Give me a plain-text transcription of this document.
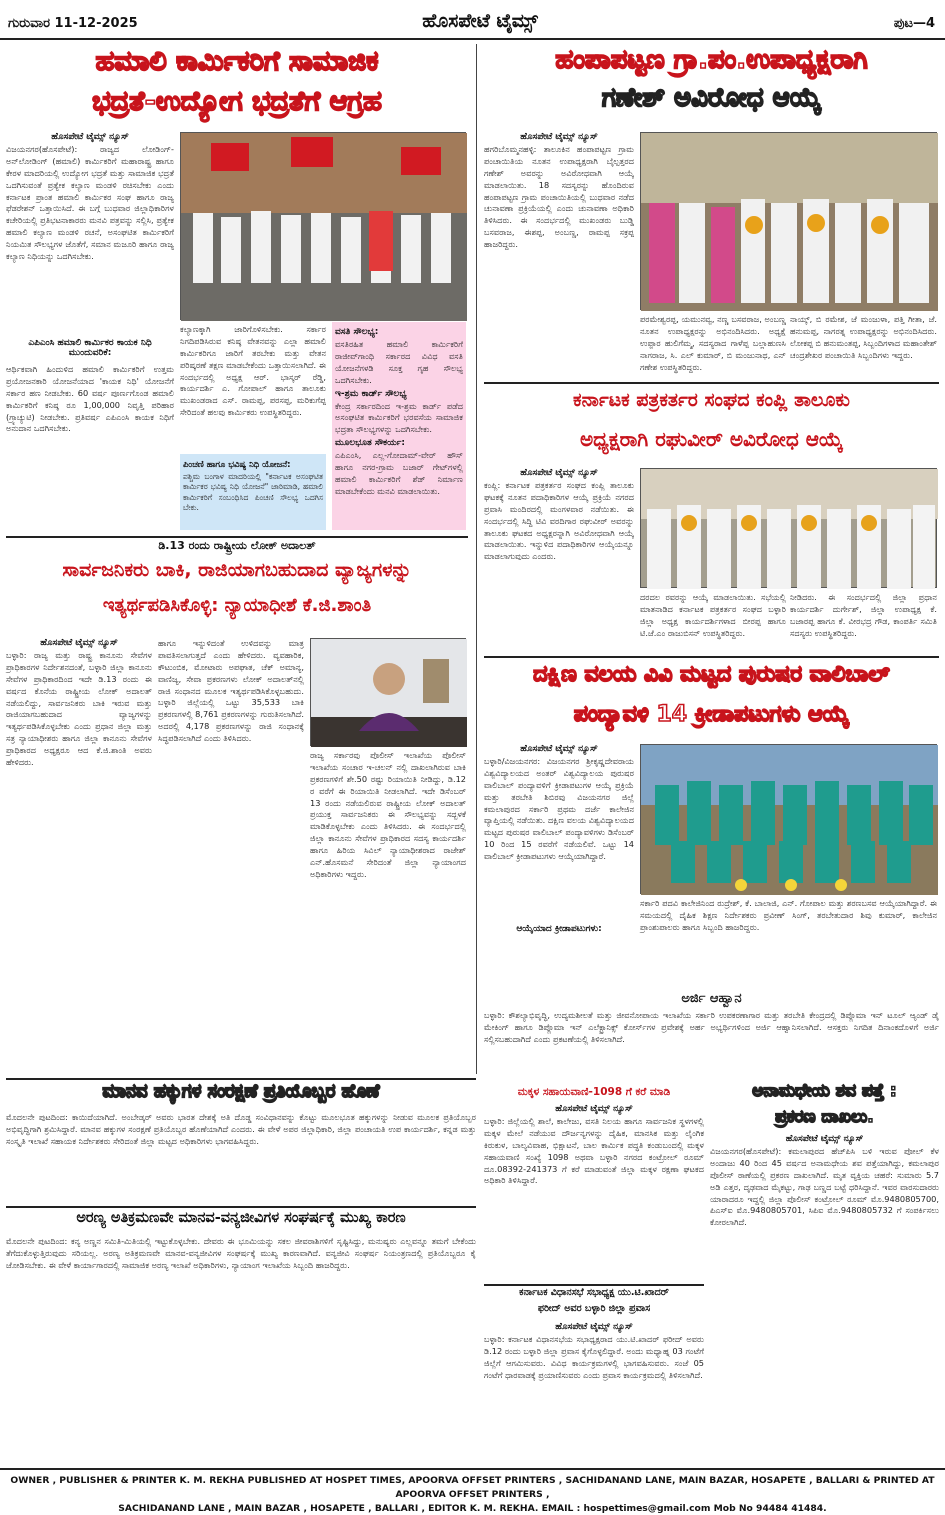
ಗುರುವಾರ 11-12-2025	ಹೊಸಪೇಟೆ ಟೈಮ್ಸ್	ಪುಟ—4
ಹಮಾಲಿ ಕಾರ್ಮಿಕರಿಗೆ ಸಾಮಾಜಿಕ
ಭದ್ರತೆ-ಉದ್ಯೋಗ ಭದ್ರತೆಗೆ ಆಗ್ರಹ
ಹೊಸಪೇಟೆ ಟೈಮ್ಸ್ ನ್ಯೂಸ್
ವಿಜಯನಗರ(ಹೊಸಪೇಟೆ): ರಾಜ್ಯದ ಲೋಡಿಂಗ್-ಅನ್‌ಲೋಡಿಂಗ್ (ಹಮಾಲಿ) ಕಾರ್ಮಿಕರಿಗೆ ಮಹಾರಾಷ್ಟ್ರ ಹಾಗೂ ಕೇರಳ ಮಾದರಿಯಲ್ಲಿ ಉದ್ಯೋಗ ಭದ್ರತೆ ಮತ್ತು ಸಾಮಾಜಿಕ ಭದ್ರತೆ ಒದಗಿಸುವಂತೆ ಪ್ರತ್ಯೇಕ ಕಲ್ಯಾಣ ಮಂಡಳಿ ರಚಿಸಬೇಕು ಎಂದು ಕರ್ನಾಟಕ ಪ್ರಾಂತ ಹಮಾಲಿ ಕಾರ್ಮಿಕರ ಸಂಘ ಹಾಗೂ ರಾಜ್ಯ ಫೆಡರೇಶನ್ ಒತ್ತಾಯಿಸಿದೆ. ಈ ಬಗ್ಗೆ ಬುಧವಾರ ಜಿಲ್ಲಾಧಿಕಾರಿಗಳ ಕಚೇರಿಯಲ್ಲಿ ಪ್ರತಿಭಟನಾಕಾರರು ಮನವಿ ಪತ್ರವನ್ನು ಸಲ್ಲಿಸಿ, ಪ್ರತ್ಯೇಕ ಹಮಾಲಿ ಕಲ್ಯಾಣ ಮಂಡಳಿ ರಚನೆ, ಅಸಂಘಟಿತ ಕಾರ್ಮಿಕರಿಗೆ ನಿಯಮಿತ ಸೌಲಭ್ಯಗಳ ಜೊತೆಗೆ, ಸಮಾನ ಮಜೂರಿ ಹಾಗೂ ರಾಜ್ಯ ಕಲ್ಯಾಣ ನಿಧಿಯನ್ನು ಒದಗಿಸಬೇಕು.
ಎಪಿಎಂಸಿ ಹಮಾಲಿ ಕಾರ್ಮಿಕರ ಕಾಯಕ ನಿಧಿ ಮುಂದುವರಿಕೆ:
ಆರ್ಥಿಕವಾಗಿ ಹಿಂದುಳಿದ ಹಮಾಲಿ ಕಾರ್ಮಿಕರಿಗೆ ಉತ್ತಮ ಪ್ರಯೋಜನಕಾರಿ ಯೋಜನೆಯಾದ 'ಕಾಯಕ ನಿಧಿ' ಯೋಜನೆಗೆ ಸರ್ಕಾರ ಹಣ ನೀಡಬೇಕು. 60 ವರ್ಷ ಪೂರ್ಣಗೊಂಡ ಹಮಾಲಿ ಕಾರ್ಮಿಕರಿಗೆ ಕನಿಷ್ಠ ರೂ 1,00,000 ನಿವೃತ್ತಿ ಪರಿಹಾರ (ಗ್ರ್ಯಾಚ್ಯುಟಿ) ನೀಡಬೇಕು. ಪ್ರತಿವರ್ಷ ಎಪಿಎಂಸಿ ಕಾಯಕ ನಿಧಿಗೆ ಅನುದಾನ ಒದಗಿಸಬೇಕು.
ಕಲ್ಯಾಣಕ್ಕಾಗಿ ಜಾರಿಗೊಳಿಸಬೇಕು. ಸರ್ಕಾರ ನಿಗದಿಪಡಿಸಿರುವ ಕನಿಷ್ಠ ವೇತನವನ್ನು ಎಲ್ಲಾ ಹಮಾಲಿ ಕಾರ್ಮಿಕರಿಗೂ ಜಾರಿಗೆ ತರಬೇಕು ಮತ್ತು ವೇತನ ಪರಿಷ್ಕರಣೆ ತಕ್ಷಣ ಮಾಡಬೇಕೆಂದು ಒತ್ತಾಯಿಸಲಾಗಿದೆ. ಈ ಸಂದರ್ಭದಲ್ಲಿ ಅಧ್ಯಕ್ಷ ಆರ್. ಭಾಸ್ಕರ್ ರೆಡ್ಡಿ, ಕಾರ್ಯದರ್ಶಿ ಎ. ಗೋಪಾಲ್ ಹಾಗೂ ತಾಲೂಕು ಮುಖಂಡರಾದ ಎಸ್. ರಾಮಪ್ಪ, ಪರಸಪ್ಪ, ಮರಿಕುಗೆಪ್ಪ ಸೇರಿದಂತೆ ಹಲವು ಕಾರ್ಮಿಕರು ಉಪಸ್ಥಿತರಿದ್ದರು.
ವಸತಿ ಸೌಲಭ್ಯ:
ವಸತಿರಹಿತ ಹಮಾಲಿ ಕಾರ್ಮಿಕರಿಗೆ ರಾಜೀವ್‌ಗಾಂಧಿ ಸರ್ಕಾರದ ವಿವಿಧ ವಸತಿ ಯೋಜನೆಗಳಡಿ ಸೂಕ್ತ ಗೃಹ ಸೌಲಭ್ಯ ಒದಗಿಸಬೇಕು.
ಇ-ಶ್ರಮ ಕಾರ್ಡ್ ಸೌಲಭ್ಯ
ಕೇಂದ್ರ ಸರ್ಕಾರದಿಂದ ಇ-ಶ್ರಮ ಕಾರ್ಡ್ ಪಡೆದ ಅಸಂಘಟಿತ ಕಾರ್ಮಿಕರಿಗೆ ಭರವಸೆಯ ಸಾಮಾಜಿಕ ಭದ್ರತಾ ಸೌಲಭ್ಯಗಳನ್ನು ಒದಗಿಸಬೇಕು.
ಮೂಲಭೂತ ಸೌಕರ್ಯ:
ಎಪಿಎಂಸಿ, ಎಲ್ಲ-ಗೋದಾಮ್-ವೇರ್ ಹೌಸ್ ಹಾಗೂ ನಗರ-ಗ್ರಾಮ ಬಜಾರ್ ಗೇಟ್‌ಗಳಲ್ಲಿ ಹಮಾಲಿ ಕಾರ್ಮಿಕರಿಗೆ ಶೆಡ್ ನಿರ್ಮಾಣ ಮಾಡಬೇಕೆಂದು ಮನವಿ ಮಾಡಲಾಯಿತು.
ಪಿಂಚಣಿ ಹಾಗೂ ಭವಿಷ್ಯ ನಿಧಿ ಯೋಜನೆ:
ಪಶ್ಚಿಮ ಬಂಗಾಳ ಮಾದರಿಯಲ್ಲಿ "ಕರ್ನಾಟಕ ಅಸಂಘಟಿತ ಕಾರ್ಮಿಕರ ಭವಿಷ್ಯ ನಿಧಿ ಯೋಜನೆ" ಜಾರಿಮಾಡಿ, ಹಮಾಲಿ ಕಾರ್ಮಿಕರಿಗೆ ಸಂಬಂಧಿಸಿದ ಪಿಂಚಣಿ ಸೌಲಭ್ಯ ಒದಗಿಸ ಬೇಕು.
ಹಂಪಾಪಟ್ಟಣ ಗ್ರಾ.ಪಂ.ಉಪಾಧ್ಯಕ್ಷರಾಗಿ
ಗಣೇಶ್ ಅವಿರೋಧ ಆಯ್ಕೆ
ಹೊಸಪೇಟೆ ಟೈಮ್ಸ್ ನ್ಯೂಸ್
ಹಗರಿಬೊಮ್ಮನಹಳ್ಳಿ: ತಾಲೂಕಿನ ಹಂಪಾಪಟ್ಟಣ ಗ್ರಾಮ ಪಂಚಾಯಿತಿಯ ನೂತನ ಉಪಾಧ್ಯಕ್ಷರಾಗಿ ಬೈಲ್ಪತ್ತರದ ಗಣೇಶ್ ಅವರನ್ನು ಅವಿರೋಧವಾಗಿ ಆಯ್ಕೆ ಮಾಡಲಾಯಿತು. 18 ಸದಸ್ಯರನ್ನು ಹೊಂದಿರುವ ಹಂಪಾಪಟ್ಟಣ ಗ್ರಾಮ ಪಂಚಾಯಿತಿಯಲ್ಲಿ ಬುಧವಾರ ನಡೆದ ಚುನಾವಣಾ ಪ್ರಕ್ರಿಯೆಯಲ್ಲಿ ಎಂದು ಚುನಾವಣಾ ಅಧಿಕಾರಿ ತಿಳಿಸಿದರು. ಈ ಸಂದರ್ಭದಲ್ಲಿ ಮುಖಂಡರು ಬುಡ್ಡಿ ಬಸವರಾಜ, ಈಶಪ್ಪ, ಅಂಬಣ್ಣ, ರಾಮಪ್ಪ ಸಕ್ರಪ್ಪ ಹಾಜರಿದ್ದರು.
ಪರಮೇಶ್ವರಪ್ಪ, ಯಮುನವ್ವ, ನಣ್ಣ ಬಸವರಾಜ, ಅಂಬಣ್ಣ ನೂತನ ಉಪಾಧ್ಯಕ್ಷರನ್ನು ಅಭಿನಂದಿಸಿದರು. ಅಧ್ಯಕ್ಷೆ ಉಪ್ಪಾರ ಹುಲಿಗೆಮ್ಮ, ಸದಸ್ಯರಾದ ಗಾಳೆಪ್ಪ ಬಲ್ಲಾಹುಣಸಿ ನಾಗರಾಜ, ಸಿ. ಎಲ್ ಕುಮಾರ್, ಬಿ ಮಂಜುನಾಥ, ಎನ್ ಗಣೇಶ ಉಪಸ್ಥಿತರಿದ್ದರು.
ನಾಯ್ಕ್, ಬಿ ರಮೇಶ, ಜೆ ಮಂಜುಳಾ, ಪತ್ತಿ ಗೀತಾ, ಜೆ. ಹನುಮಪ್ಪ, ನಾಗರತ್ನ ಉಪಾಧ್ಯಕ್ಷರನ್ನು ಅಭಿನಂದಿಸಿದರು. ಲೋಕಪ್ಪ ಬಿ ಹನುಮಂತಪ್ಪ, ಸಿಬ್ಬಂದಿಗಳಾದ ಮಹಾಂತೇಶ್ ಚಂದ್ರಶೇಖರ ಪಂಚಾಯಿತಿ ಸಿಬ್ಬಂದಿಗಳು ಇದ್ದರು.
ಕರ್ನಾಟಕ ಪತ್ರಕರ್ತರ ಸಂಘದ ಕಂಪ್ಲಿ ತಾಲೂಕು
ಅಧ್ಯಕ್ಷರಾಗಿ ರಘುವೀರ್ ಅವಿರೋಧ ಆಯ್ಕೆ
ಹೊಸಪೇಟೆ ಟೈಮ್ಸ್ ನ್ಯೂಸ್
ಕಂಪ್ಲಿ: ಕರ್ನಾಟಕ ಪತ್ರಕರ್ತರ ಸಂಘದ ಕಂಪ್ಲಿ ತಾಲೂಕು ಘಟಕಕ್ಕೆ ನೂತನ ಪದಾಧಿಕಾರಿಗಳ ಆಯ್ಕೆ ಪ್ರಕ್ರಿಯೆ ನಗರದ ಪ್ರವಾಸಿ ಮಂದಿರದಲ್ಲಿ ಮಂಗಳವಾರ ನಡೆಯಿತು. ಈ ಸಂದರ್ಭದಲ್ಲಿ ಸಿದ್ದಿ ಟಿವಿ ವರದಿಗಾರ ರಘುವೀರ್ ಅವರನ್ನು ತಾಲೂಕು ಘಟಕದ ಅಧ್ಯಕ್ಷರನ್ನಾಗಿ ಅವಿರೋಧವಾಗಿ ಆಯ್ಕೆ ಮಾಡಲಾಯಿತು. ಇನ್ನುಳಿದ ಪದಾಧಿಕಾರಿಗಳ ಆಯ್ಕೆಯನ್ನೂ ಮಾಡಲಾಗುವುದು ಎಂದರು.
ದರದಲ ರವರನ್ನು ಆಯ್ಕೆ ಮಾಡಲಾಯಿತು. ಸಭೆಯಲ್ಲಿ ಮಾತನಾಡಿದ ಕರ್ನಾಟಕ ಪತ್ರಕರ್ತರ ಸಂಘದ ಬಳ್ಳಾರಿ ಜಿಲ್ಲಾ ಅಧ್ಯಕ್ಷ ಕಾರ್ಯದರ್ಶಿಗಳಾದ ಬೀರಪ್ಪ ಹಾಗೂ ಟಿ.ಜೆ.ಎಂ ರಾಜುಬಿಸನ್ ಉಪಸ್ಥಿತರಿದ್ದರು.
ನೀಡಿದರು. ಈ ಸಂದರ್ಭದಲ್ಲಿ ಜಿಲ್ಲಾ ಪ್ರಧಾನ ಕಾರ್ಯದರ್ಶಿ ದುರ್ಗೇಶ್, ಜಿಲ್ಲಾ ಉಪಾಧ್ಯಕ್ಷ ಕೆ. ಬಜಾರಪ್ಪ ಹಾಗೂ ಕೆ. ವೀರಭದ್ರ ಗೌಡ, ಕಾಂಪರ್ತಿ ಸಮಿತಿ ಸದಸ್ಯರು ಉಪಸ್ಥಿತರಿದ್ದರು.
ದಕ್ಷಿಣ ವಲಯ ವಿವಿ ಮಟ್ಟದ ಪುರುಷರ ವಾಲಿಬಾಲ್
ಪಂದ್ಯಾವಳಿ 14 ಕ್ರೀಡಾಪಟುಗಳು ಆಯ್ಕೆ
ಹೊಸಪೇಟೆ ಟೈಮ್ಸ್ ನ್ಯೂಸ್
ಬಳ್ಳಾರಿ/ವಿಜಯನಗರ: ವಿಜಯನಗರ ಶ್ರೀಕೃಷ್ಣದೇವರಾಯ ವಿಶ್ವವಿದ್ಯಾಲಯದ ಅಂತರ್ ವಿಶ್ವವಿದ್ಯಾಲಯ ಪುರುಷರ ವಾಲಿಬಾಲ್ ಪಂದ್ಯಾವಳಿಗೆ ಕ್ರೀಡಾಪಟುಗಳ ಆಯ್ಕೆ ಪ್ರಕ್ರಿಯೆ ಮತ್ತು ತರಬೇತಿ ಶಿಬಿರವು ವಿಜಯನಗರ ಜಿಲ್ಲೆ ಕಮಲಾಪುರದ ಸರ್ಕಾರಿ ಪ್ರಥಮ ದರ್ಜೆ ಕಾಲೇಜಿನ ವ್ಯಾಪ್ತಿಯಲ್ಲಿ ನಡೆಯಿತು. ದಕ್ಷಿಣ ವಲಯ ವಿಶ್ವವಿದ್ಯಾಲಯದ ಮಟ್ಟದ ಪುರುಷರ ವಾಲಿಬಾಲ್ ಪಂದ್ಯಾವಳಿಗಳು ಡಿಸೆಂಬರ್ 10 ರಿಂದ 15 ರವರೆಗೆ ನಡೆಯಲಿವೆ. ಒಟ್ಟು 14 ವಾಲಿಬಾಲ್ ಕ್ರೀಡಾಪಟುಗಳು ಆಯ್ಕೆಯಾಗಿದ್ದಾರೆ.
ಆಯ್ಕೆಯಾದ ಕ್ರೀಡಾಪಟುಗಳು:
ಸರ್ಕಾರಿ ಪದವಿ ಕಾಲೇಜಿನಿಂದ ರುದ್ರೇಶ್, ಕೆ. ಬಾಲಾಜಿ, ಎನ್. ಗೋಪಾಲ ಮತ್ತು ಶರಣಬಸವ ಆಯ್ಕೆಯಾಗಿದ್ದಾರೆ. ಈ ಸಮಯದಲ್ಲಿ ದೈಹಿಕ ಶಿಕ್ಷಣ ನಿರ್ದೇಶಕರು ಪ್ರವೀಣ್ ಸಿಂಗ್, ತರಬೇತುದಾರ ಶಿವು ಕುಮಾರ್, ಕಾಲೇಜಿನ ಪ್ರಾಂಶುಪಾಲರು ಹಾಗೂ ಸಿಬ್ಬಂದಿ ಹಾಜರಿದ್ದರು.
ಅರ್ಜಿ ಆಹ್ವಾನ
ಬಳ್ಳಾರಿ: ಕೌಶಲ್ಯಾಭಿವೃದ್ಧಿ, ಉದ್ಯಮಶೀಲತೆ ಮತ್ತು ಜೀವನೋಪಾಯ ಇಲಾಖೆಯ ಸರ್ಕಾರಿ ಉಪಕರಣಾಗಾರ ಮತ್ತು ತರಬೇತಿ ಕೇಂದ್ರದಲ್ಲಿ ಡಿಪ್ಲೊಮಾ ಇನ್ ಟೂಲ್ ಆ್ಯಂಡ್ ಡೈ ಮೇಕಿಂಗ್ ಹಾಗೂ ಡಿಪ್ಲೊಮಾ ಇನ್ ಎಲೆಕ್ಟ್ರಾನಿಕ್ಸ್ ಕೋರ್ಸ್‌ಗಳ ಪ್ರವೇಶಕ್ಕೆ ಅರ್ಹ ಅಭ್ಯರ್ಥಿಗಳಿಂದ ಅರ್ಜಿ ಆಹ್ವಾನಿಸಲಾಗಿದೆ. ಆಸಕ್ತರು ನಿಗದಿತ ದಿನಾಂಕದೊಳಗೆ ಅರ್ಜಿ ಸಲ್ಲಿಸಬಹುದಾಗಿದೆ ಎಂದು ಪ್ರಕಟಣೆಯಲ್ಲಿ ತಿಳಿಸಲಾಗಿದೆ.
ಡಿ.13 ರಂದು ರಾಷ್ಟ್ರೀಯ ಲೋಕ್ ಅದಾಲತ್
ಸಾರ್ವಜನಿಕರು ಬಾಕಿ, ರಾಜಿಯಾಗಬಹುದಾದ ವ್ಯಾಜ್ಯಗಳನ್ನು
ಇತ್ಯರ್ಥಪಡಿಸಿಕೊಳ್ಳಿ: ನ್ಯಾಯಾಧೀಶೆ ಕೆ.ಜಿ.ಶಾಂತಿ
ಹೊಸಪೇಟೆ ಟೈಮ್ಸ್ ನ್ಯೂಸ್
ಬಳ್ಳಾರಿ: ರಾಜ್ಯ ಮತ್ತು ರಾಷ್ಟ್ರ ಕಾನೂನು ಸೇವೆಗಳ ಪ್ರಾಧಿಕಾರಗಳ ನಿರ್ದೇಶನದಂತೆ, ಬಳ್ಳಾರಿ ಜಿಲ್ಲಾ ಕಾನೂನು ಸೇವೆಗಳ ಪ್ರಾಧಿಕಾರದಿಂದ ಇದೇ ಡಿ.13 ರಂದು ಈ ವರ್ಷದ ಕೊನೆಯ ರಾಷ್ಟ್ರೀಯ ಲೋಕ್ ಅದಾಲತ್ ನಡೆಯಲಿದ್ದು, ಸಾರ್ವಜನಿಕರು ಬಾಕಿ ಇರುವ ಮತ್ತು ರಾಜಿಯಾಗಬಹುದಾದ ವ್ಯಾಜ್ಯಗಳನ್ನು ಇತ್ಯರ್ಥಪಡಿಸಿಕೊಳ್ಳಬೇಕು ಎಂದು ಪ್ರಧಾನ ಜಿಲ್ಲಾ ಮತ್ತು ಸತ್ರ ನ್ಯಾಯಾಧೀಶರು ಹಾಗೂ ಜಿಲ್ಲಾ ಕಾನೂನು ಸೇವೆಗಳ ಪ್ರಾಧಿಕಾರದ ಅಧ್ಯಕ್ಷರೂ ಆದ ಕೆ.ಜಿ.ಶಾಂತಿ ಅವರು ಹೇಳಿದರು.
ಹಾಗೂ ಇನ್ನುಳಿದಂತೆ ಉಳಿದವನ್ನು ಮಾತ್ರ ಪಾವತಿಸಲಾಗುತ್ತದೆ ಎಂದು ಹೇಳಿದರು. ವ್ಯವಹಾರಿಕ, ಕೌಟುಂಬಿಕ, ಮೋಟಾರು ಅಪಘಾತ, ಚೆಕ್ ಅಮಾನ್ಯ, ವಾಣಿಜ್ಯ, ಸೇವಾ ಪ್ರಕರಣಗಳು ಲೋಕ್ ಅದಾಲತ್‌ನಲ್ಲಿ ರಾಜಿ ಸಂಧಾನದ ಮೂಲಕ ಇತ್ಯರ್ಥಪಡಿಸಿಕೊಳ್ಳಬಹುದು. ಬಳ್ಳಾರಿ ಜಿಲ್ಲೆಯಲ್ಲಿ ಒಟ್ಟು 35,533 ಬಾಕಿ ಪ್ರಕರಣಗಳಲ್ಲಿ 8,761 ಪ್ರಕರಣಗಳನ್ನು ಗುರುತಿಸಲಾಗಿದೆ. ಅದರಲ್ಲಿ 4,178 ಪ್ರಕರಣಗಳನ್ನು ರಾಜಿ ಸಂಧಾನಕ್ಕೆ ಸಿದ್ಧಪಡಿಸಲಾಗಿದೆ ಎಂದು ತಿಳಿಸಿದರು.
ರಾಜ್ಯ ಸರ್ಕಾರವು ಪೊಲೀಸ್ ಇಲಾಖೆಯ ಪೊಲೀಸ್ ಇಲಾಖೆಯ ಸಂಚಾರ ಇ-ಚಲನ್ ನಲ್ಲಿ ದಾಖಲಾಗಿರುವ ಬಾಕಿ ಪ್ರಕರಣಗಳಿಗೆ ಶೇ.50 ರಷ್ಟು ರಿಯಾಯಿತಿ ನೀಡಿದ್ದು, ಡಿ.12 ರ ವರೆಗೆ ಈ ರಿಯಾಯಿತಿ ನೀಡಲಾಗಿದೆ. ಇದೇ ಡಿಸೆಂಬರ್ 13 ರಂದು ನಡೆಯಲಿರುವ ರಾಷ್ಟ್ರೀಯ ಲೋಕ್ ಅದಾಲತ್ ಪ್ರಯುಕ್ತ ಸಾರ್ವಜನಿಕರು ಈ ಸೌಲಭ್ಯವನ್ನು ಸದ್ಬಳಕೆ ಮಾಡಿಕೊಳ್ಳಬೇಕು ಎಂದು ತಿಳಿಸಿದರು. ಈ ಸಂದರ್ಭದಲ್ಲಿ ಜಿಲ್ಲಾ ಕಾನೂನು ಸೇವೆಗಳ ಪ್ರಾಧಿಕಾರದ ಸದಸ್ಯ ಕಾರ್ಯದರ್ಶಿ ಹಾಗೂ ಹಿರಿಯ ಸಿವಿಲ್ ನ್ಯಾಯಾಧೀಶರಾದ ರಾಜೇಶ್ ಎನ್.ಹೊಸಮನೆ ಸೇರಿದಂತೆ ಜಿಲ್ಲಾ ನ್ಯಾಯಾಂಗದ ಅಧಿಕಾರಿಗಳು ಇದ್ದರು.
ಮಾನವ ಹಕ್ಕುಗಳ ಸಂರಕ್ಷಣೆ ಪ್ರತಿಯೊಬ್ಬರ ಹೊಣೆ
ಮೊದಲನೇ ಪುಟದಿಂದ: ಕಾಯಿದೆಯಾಗಿದೆ. ಅಂಬೇಡ್ಕರ್ ಅವರು ಭಾರತ ದೇಶಕ್ಕೆ ಅತಿ ದೊಡ್ಡ ಸಂವಿಧಾನವನ್ನು ಕೊಟ್ಟು ಮೂಲಭೂತ ಹಕ್ಕುಗಳನ್ನು ನೀಡುವ ಮೂಲಕ ಪ್ರತಿಯೊಬ್ಬರ ಅಭಿವೃದ್ಧಿಗಾಗಿ ಶ್ರಮಿಸಿದ್ದಾರೆ. ಮಾನವ ಹಕ್ಕುಗಳ ಸಂರಕ್ಷಣೆ ಪ್ರತಿಯೊಬ್ಬರ ಹೊಣೆಯಾಗಿದೆ ಎಂದರು. ಈ ವೇಳೆ ಅಪರ ಜಿಲ್ಲಾಧಿಕಾರಿ, ಜಿಲ್ಲಾ ಪಂಚಾಯತಿ ಉಪ ಕಾರ್ಯದರ್ಶಿ, ಕನ್ನಡ ಮತ್ತು ಸಂಸ್ಕೃತಿ ಇಲಾಖೆ ಸಹಾಯಕ ನಿರ್ದೇಶಕರು ಸೇರಿದಂತೆ ಜಿಲ್ಲಾ ಮಟ್ಟದ ಅಧಿಕಾರಿಗಳು ಭಾಗವಹಿಸಿದ್ದರು.
ಅರಣ್ಯ ಅತಿಕ್ರಮಣವೇ ಮಾನವ-ವನ್ಯಜೀವಿಗಳ ಸಂಘರ್ಷಕ್ಕೆ ಮುಖ್ಯ ಕಾರಣ
ಮೊದಲನೇ ಪುಟದಿಂದ: ಕನ್ಯ ಅಣ್ಣನ ಸಮಿತಿ-ಮಿತಿಯಲ್ಲಿ ಇಟ್ಟುಕೊಳ್ಳಬೇಕು. ದೇವರು ಈ ಭೂಮಿಯನ್ನು ಸಕಲ ಜೀವರಾಶಿಗಳಿಗೆ ಸೃಷ್ಟಿಸಿದ್ದು, ಮನುಷ್ಯರು ಎಲ್ಲವನ್ನೂ ತಮಗೆ ಬೇಕೆಂದು ತೆಗೆದುಕೊಳ್ಳುತ್ತಿರುವುದು ಸರಿಯಲ್ಲ. ಅರಣ್ಯ ಅತಿಕ್ರಮಣವೇ ಮಾನವ-ವನ್ಯಜೀವಿಗಳ ಸಂಘರ್ಷಕ್ಕೆ ಮುಖ್ಯ ಕಾರಣವಾಗಿದೆ. ವನ್ಯಜೀವಿ ಸಂಘರ್ಷ ನಿಯಂತ್ರಣದಲ್ಲಿ ಪ್ರತಿಯೊಬ್ಬರೂ ಕೈ ಜೋಡಿಸಬೇಕು. ಈ ವೇಳೆ ಕಾರ್ಯಾಗಾರದಲ್ಲಿ ಸಾಮಾಜಿಕ ಅರಣ್ಯ ಇಲಾಖೆ ಅಧಿಕಾರಿಗಳು, ನ್ಯಾಯಾಂಗ ಇಲಾಖೆಯ ಸಿಬ್ಬಂದಿ ಹಾಜರಿದ್ದರು.
ಮಕ್ಕಳ ಸಹಾಯವಾಣಿ-1098 ಗೆ ಕರೆ ಮಾಡಿ
ಹೊಸಪೇಟೆ ಟೈಮ್ಸ್ ನ್ಯೂಸ್
ಬಳ್ಳಾರಿ: ಜಿಲ್ಲೆಯಲ್ಲಿ ಶಾಲೆ, ಕಾಲೇಜು, ವಸತಿ ನಿಲಯ ಹಾಗೂ ಸಾರ್ವಜನಿಕ ಸ್ಥಳಗಳಲ್ಲಿ ಮಕ್ಕಳ ಮೇಲೆ ನಡೆಯುವ ದೌರ್ಜನ್ಯಗಳನ್ನು ದೈಹಿಕ, ಮಾನಸಿಕ ಮತ್ತು ಲೈಂಗಿಕ ಕಿರುಕುಳ, ಬಾಲ್ಯವಿವಾಹ, ಭಿಕ್ಷಾಟನೆ, ಬಾಲ ಕಾರ್ಮಿಕ ಪದ್ಧತಿ ಕಂಡುಬಂದಲ್ಲಿ ಮಕ್ಕಳ ಸಹಾಯವಾಣಿ ಸಂಖ್ಯೆ 1098 ಅಥವಾ ಬಳ್ಳಾರಿ ನಗರದ ಕಂಟ್ರೋಲ್ ರೂಮ್ ದೂ.08392-241373 ಗೆ ಕರೆ ಮಾಡುವಂತೆ ಜಿಲ್ಲಾ ಮಕ್ಕಳ ರಕ್ಷಣಾ ಘಟಕದ ಅಧಿಕಾರಿ ತಿಳಿಸಿದ್ದಾರೆ.
ಅನಾಮಧೇಯ ಶವ ಪತ್ತೆ :
ಪ್ರಕರಣ ದಾಖಲು.
ಹೊಸಪೇಟೆ ಟೈಮ್ಸ್ ನ್ಯೂಸ್
ವಿಜಯನಗರ(ಹೊಸಪೇಟೆ): ಕಮಲಾಪುರದ ಹೆಚ್‌ಪಿಸಿ ಬಳಿ ಇರುವ ಪೋಲ್ ಕೆಳ ಅಂದಾಜು 40 ರಿಂದ 45 ವರ್ಷದ ಅನಾಮಧೇಯ ಶವ ಪತ್ತೆಯಾಗಿದ್ದು, ಕಮಲಾಪುರ ಪೊಲೀಸ್ ಠಾಣೆಯಲ್ಲಿ ಪ್ರಕರಣ ದಾಖಲಾಗಿದೆ. ಮೃತ ವ್ಯಕ್ತಿಯ ಚಹರೆ: ಸುಮಾರು 5.7 ಅಡಿ ಎತ್ತರ, ದೃಢವಾದ ಮೈಕಟ್ಟು, ಗಾಢ ಬಣ್ಣದ ಬಟ್ಟೆ ಧರಿಸಿದ್ದಾನೆ. ಇವರ ವಾರಸುದಾರರು ಯಾರಾದರೂ ಇದ್ದಲ್ಲಿ ಜಿಲ್ಲಾ ಪೊಲೀಸ್ ಕಂಟ್ರೋಲ್ ರೂಮ್ ಮೊ.9480805700, ಪಿಎಸ್ಐ ಮೊ.9480805701, ಸಿಪಿಐ ಮೊ.9480805732 ಗೆ ಸಂಪರ್ಕಿಸಲು ಕೋರಲಾಗಿದೆ.
ಕರ್ನಾಟಕ ವಿಧಾನಸಭೆ ಸಭಾಧ್ಯಕ್ಷ ಯು.ಟಿ.ಖಾದರ್
ಫರೀದ್ ಅವರ ಬಳ್ಳಾರಿ ಜಿಲ್ಲಾ ಪ್ರವಾಸ
ಹೊಸಪೇಟೆ ಟೈಮ್ಸ್ ನ್ಯೂಸ್
ಬಳ್ಳಾರಿ: ಕರ್ನಾಟಕ ವಿಧಾನಸಭೆಯ ಸಭಾಧ್ಯಕ್ಷರಾದ ಯು.ಟಿ.ಖಾದರ್ ಫರೀದ್ ಅವರು ಡಿ.12 ರಂದು ಬಳ್ಳಾರಿ ಜಿಲ್ಲಾ ಪ್ರವಾಸ ಕೈಗೊಳ್ಳಲಿದ್ದಾರೆ. ಅಂದು ಮಧ್ಯಾಹ್ನ 03 ಗಂಟೆಗೆ ಜಿಲ್ಲೆಗೆ ಆಗಮಿಸುವರು. ವಿವಿಧ ಕಾರ್ಯಕ್ರಮಗಳಲ್ಲಿ ಭಾಗವಹಿಸುವರು. ಸಂಜೆ 05 ಗಂಟೆಗೆ ಧಾರವಾಡಕ್ಕೆ ಪ್ರಯಾಣಿಸುವರು ಎಂದು ಪ್ರವಾಸ ಕಾರ್ಯಕ್ರಮದಲ್ಲಿ ತಿಳಿಸಲಾಗಿದೆ.
OWNER , PUBLISHER & PRINTER K. M. REKHA PUBLISHED AT HOSPET TIMES, APOORVA OFFSET PRINTERS , SACHIDANAND LANE, MAIN BAZAR, HOSAPETE , BALLARI & PRINTED AT APOORVA OFFSET PRINTERS ,
SACHIDANAND LANE , MAIN BAZAR , HOSAPETE , BALLARI , EDITOR K. M. REKHA. EMAIL : hospettimes@gmail.com Mob No 94484 41484.
